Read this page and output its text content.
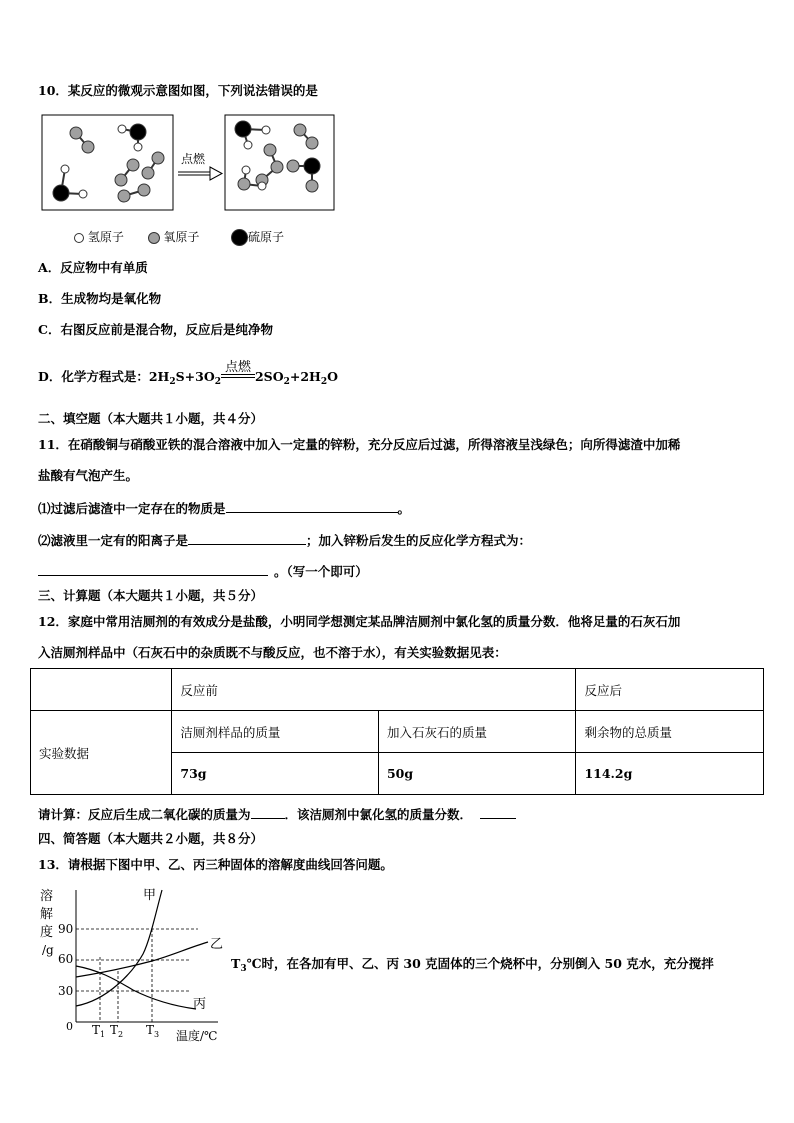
10．某反应的微观示意图如图，下列说法错误的是
点燃
氢原子	氧原子	硫原子
A．反应物中有单质
B．生成物均是氧化物
C．右图反应前是混合物，反应后是纯净物
D．化学方程式是：$2H_2S+3O_2$
点燃
$2SO_2+2H_2O$
二、填空题（本大题共１小题，共４分）
11．在硝酸铜与硝酸亚铁的混合溶液中加入一定量的锌粉，充分反应后过滤，所得溶液呈浅绿色；向所得滤渣中加稀
盐酸有气泡产生。
⑴过滤后滤渣中一定存在的物质是	。
⑵滤液里一定有的阳离子是	；加入锌粉后发生的反应化学方程式为：
。（写一个即可）
三、计算题（本大题共１小题，共５分）
12．家庭中常用洁厕剂的有效成分是盐酸，小明同学想测定某品牌洁厕剂中氯化氢的质量分数．他将足量的石灰石加
入洁厕剂样品中（石灰石中的杂质既不与酸反应，也不溶于水），有关实验数据见表：
	反应前		反应后
实验数据	洁厕剂样品的质量	加入石灰石的质量	剩余物的总质量
	73g	50g	114.2g
请计算：反应后生成二氧化碳的质量为	．该洁厕剂中氯化氢的质量分数．
四、简答题（本大题共２小题，共８分）
13．请根据下图中甲、乙、丙三种固体的溶解度曲线回答问题。
溶
解
度
/g
90
60
30
0
甲
乙
丙
$T_1$ $T_2$ $T_3$ 温度/℃
$T_3℃$时，在各加有甲、乙、丙 30 克固体的三个烧杯中，分别倒入 50 克水，充分搅拌
